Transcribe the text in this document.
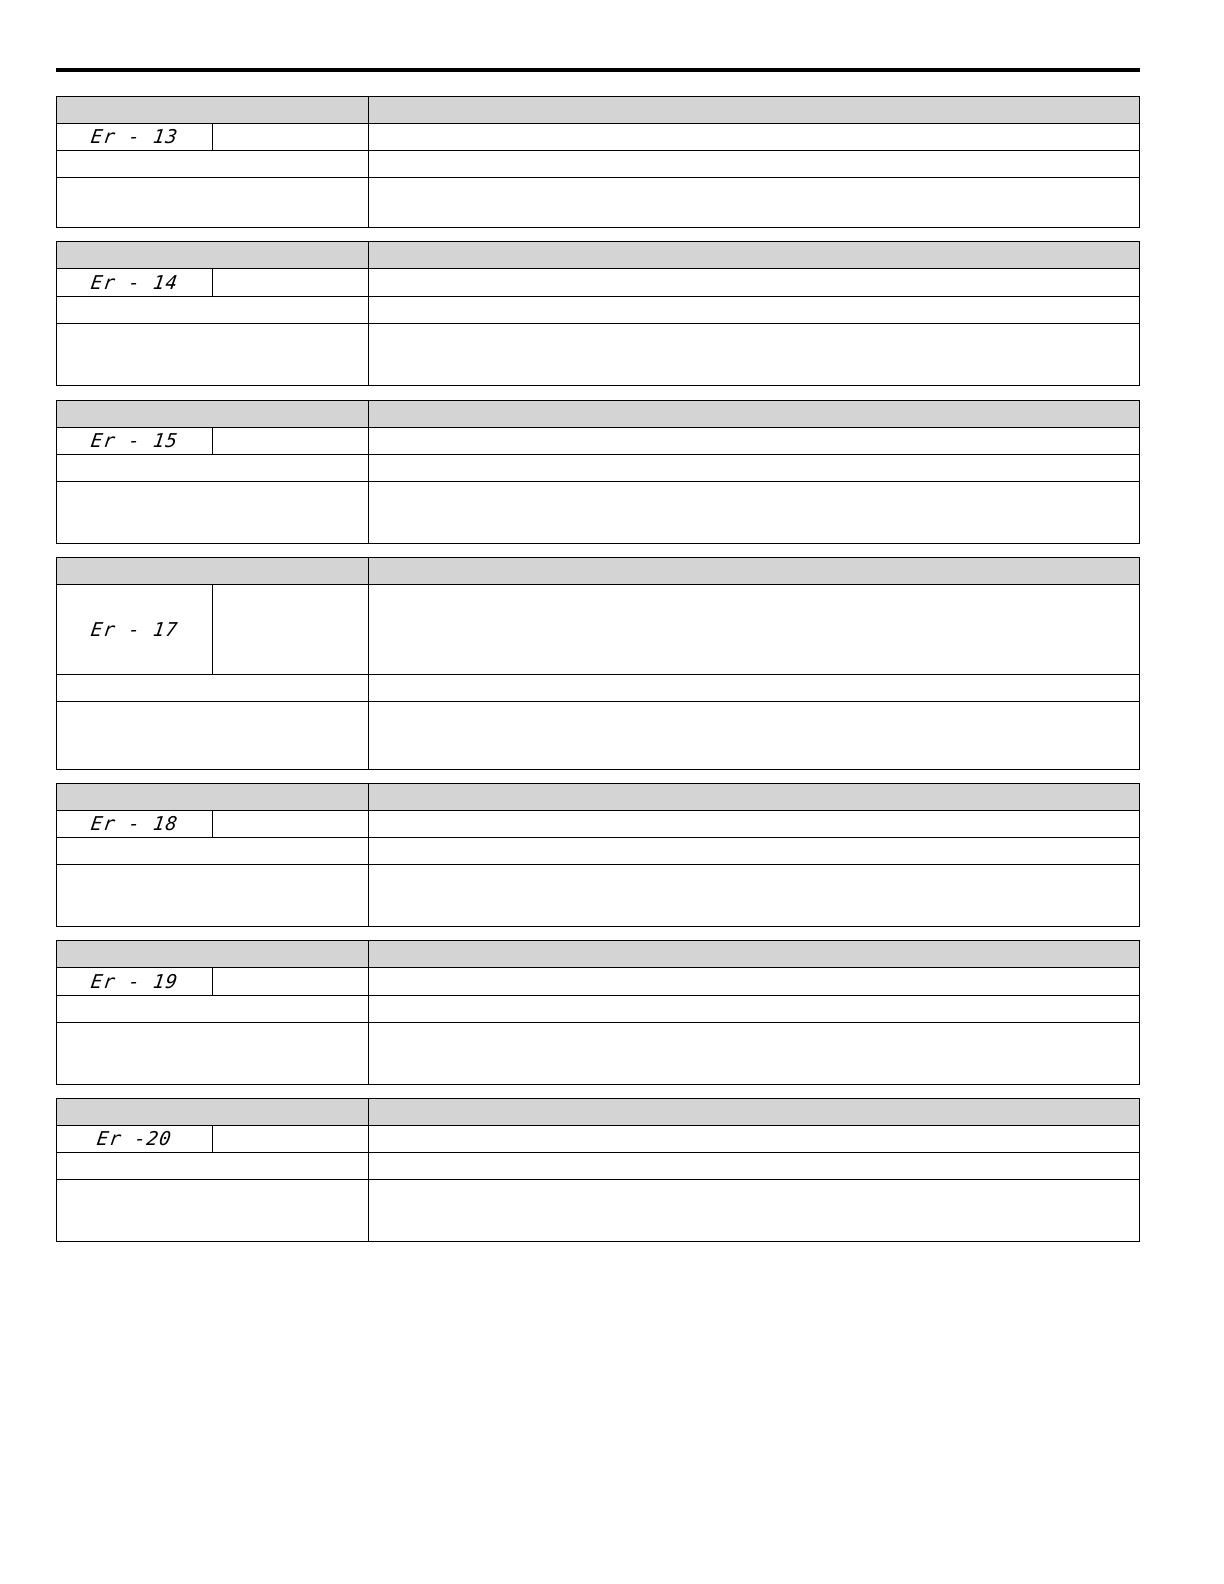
Er - 13
Er - 14
Er - 15
Er - 17
Er - 18
Er - 19
Er -20
